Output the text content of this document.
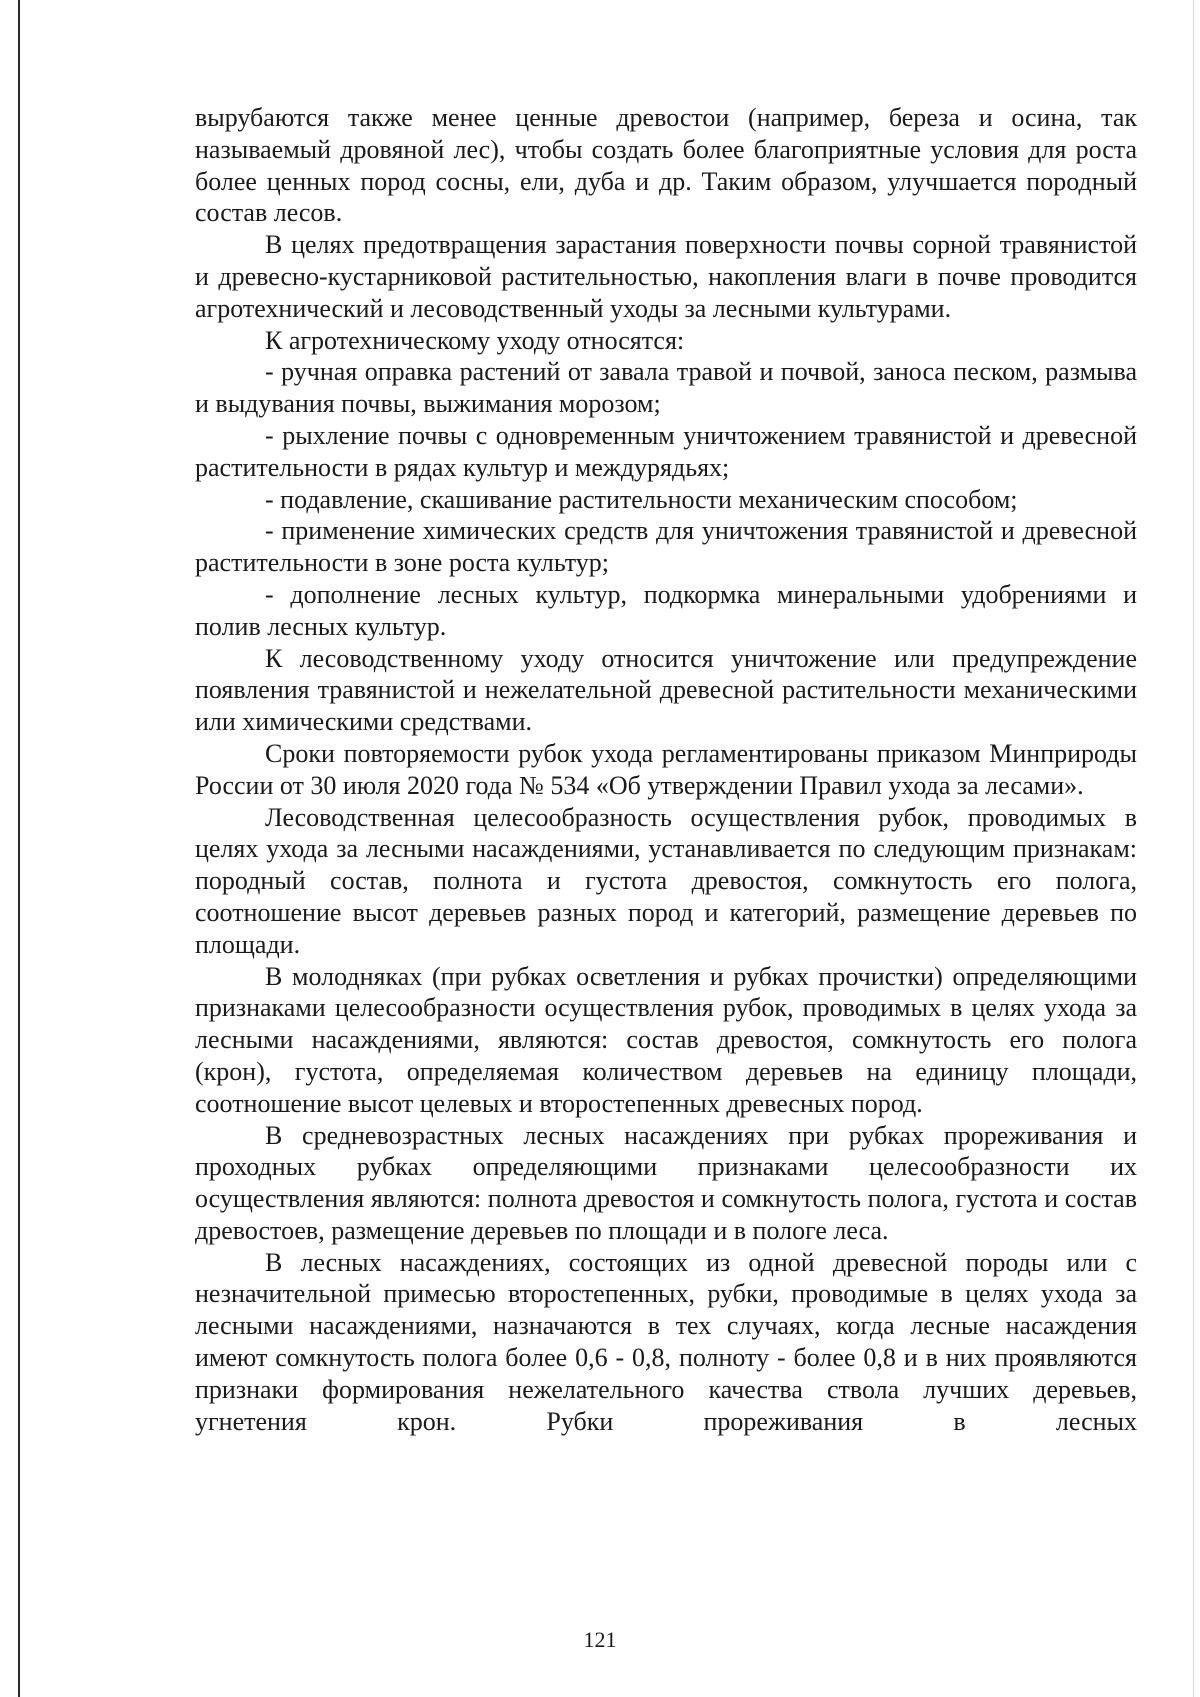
вырубаются также менее ценные древостои (например, береза и осина, так называемый дровяной лес), чтобы создать более благоприятные условия для роста более ценных пород сосны, ели, дуба и др. Таким образом, улучшается породный состав лесов.

В целях предотвращения зарастания поверхности почвы сорной травянистой и древесно-кустарниковой растительностью, накопления влаги в почве проводится агротехнический и лесоводственный уходы за лесными культурами.

К агротехническому уходу относятся:

- ручная оправка растений от завала травой и почвой, заноса песком, размыва и выдувания почвы, выжимания морозом;

- рыхление почвы с одновременным уничтожением травянистой и древесной растительности в рядах культур и междурядьях;

- подавление, скашивание растительности механическим способом;

- применение химических средств для уничтожения травянистой и древесной растительности в зоне роста культур;

- дополнение лесных культур, подкормка минеральными удобрениями и полив лесных культур.

К лесоводственному уходу относится уничтожение или предупреждение появления травянистой и нежелательной древесной растительности механическими или химическими средствами.

Сроки повторяемости рубок ухода регламентированы приказом Минприроды России от 30 июля 2020 года № 534 «Об утверждении Правил ухода за лесами».

Лесоводственная целесообразность осуществления рубок, проводимых в целях ухода за лесными насаждениями, устанавливается по следующим признакам: породный состав, полнота и густота древостоя, сомкнутость его полога, соотношение высот деревьев разных пород и категорий, размещение деревьев по площади.

В молодняках (при рубках осветления и рубках прочистки) определяющими признаками целесообразности осуществления рубок, проводимых в целях ухода за лесными насаждениями, являются: состав древостоя, сомкнутость его полога (крон), густота, определяемая количеством деревьев на единицу площади, соотношение высот целевых и второстепенных древесных пород.

В средневозрастных лесных насаждениях при рубках прореживания и проходных рубках определяющими признаками целесообразности их осуществления являются: полнота древостоя и сомкнутость полога, густота и состав древостоев, размещение деревьев по площади и в пологе леса.

В лесных насаждениях, состоящих из одной древесной породы или с незначительной примесью второстепенных, рубки, проводимые в целях ухода за лесными насаждениями, назначаются в тех случаях, когда лесные насаждения имеют сомкнутость полога более 0,6 - 0,8, полноту - более 0,8 и в них проявляются признаки формирования нежелательного качества ствола лучших деревьев, угнетения крон. Рубки прореживания в лесных

121
